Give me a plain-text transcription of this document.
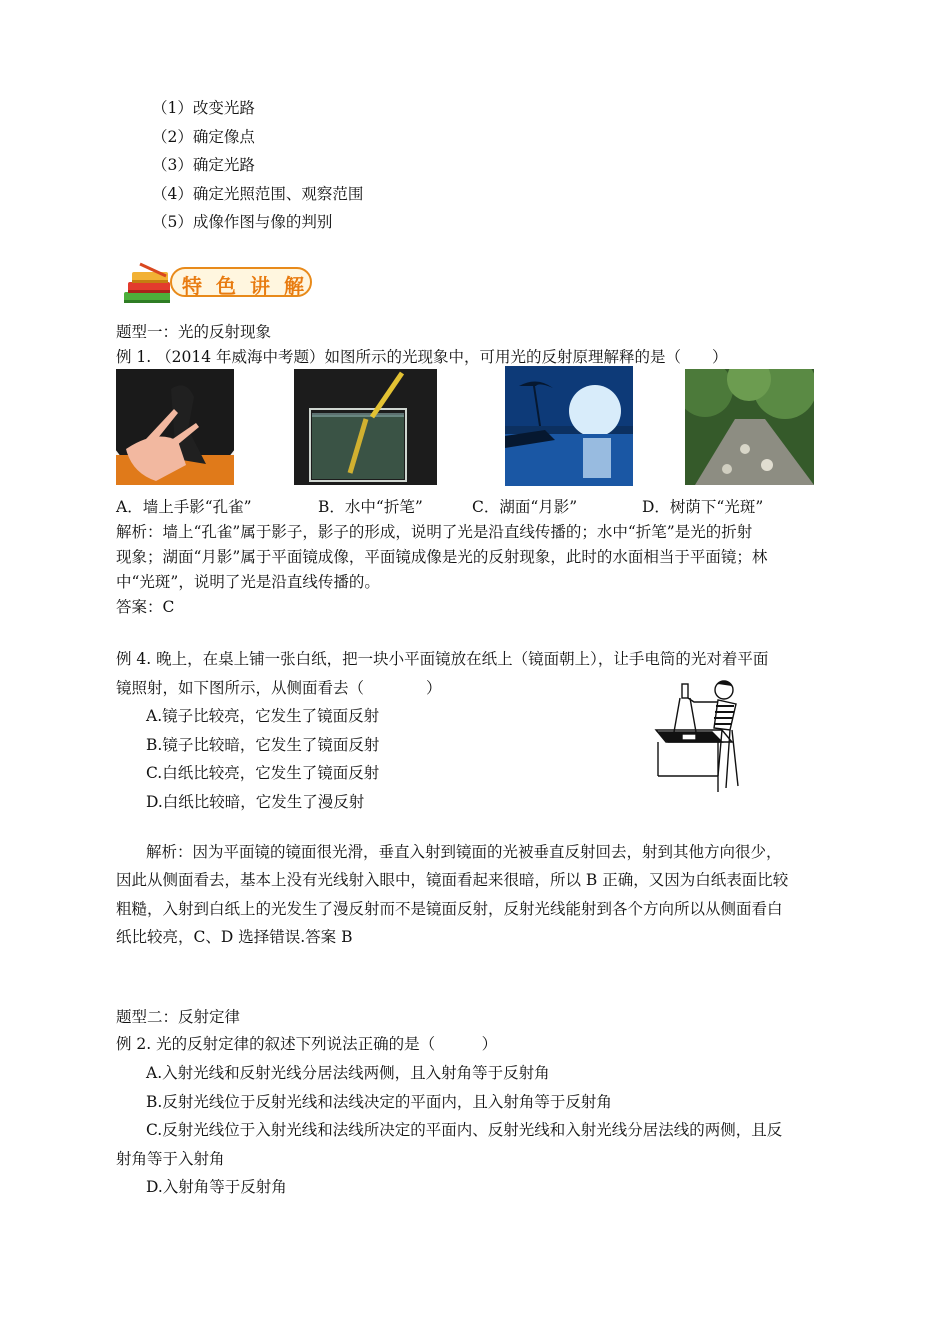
（1）改变光路
（2）确定像点
（3）确定光路
（4）确定光照范围、观察范围
（5）成像作图与像的判别
特色讲解
题型一：光的反射现象
例 1. （2014 年威海中考题）如图所示的光现象中，可用光的反射原理解释的是（　　）
A．墙上手影“孔雀”	B．水中“折笔”	C．湖面“月影”	D．树荫下“光斑”
解析：墙上“孔雀”属于影子，影子的形成，说明了光是沿直线传播的；水中“折笔”是光的折射
现象；湖面“月影”属于平面镜成像，平面镜成像是光的反射现象，此时的水面相当于平面镜；林
中“光斑”，说明了光是沿直线传播的。
答案：C
例 4. 晚上，在桌上铺一张白纸，把一块小平面镜放在纸上（镜面朝上），让手电筒的光对着平面
镜照射，如下图所示，从侧面看去（　　　　）
A.镜子比较亮，它发生了镜面反射
B.镜子比较暗，它发生了镜面反射
C.白纸比较亮，它发生了镜面反射
D.白纸比较暗，它发生了漫反射
解析：因为平面镜的镜面很光滑，垂直入射到镜面的光被垂直反射回去，射到其他方向很少，
因此从侧面看去，基本上没有光线射入眼中，镜面看起来很暗，所以 B 正确，又因为白纸表面比较
粗糙，入射到白纸上的光发生了漫反射而不是镜面反射，反射光线能射到各个方向所以从侧面看白
纸比较亮，C、D 选择错误.答案 B
题型二：反射定律
例 2. 光的反射定律的叙述下列说法正确的是（　　　）
A.入射光线和反射光线分居法线两侧，且入射角等于反射角
B.反射光线位于反射光线和法线决定的平面内，且入射角等于反射角
C.反射光线位于入射光线和法线所决定的平面内、反射光线和入射光线分居法线的两侧，且反
射角等于入射角
D.入射角等于反射角
